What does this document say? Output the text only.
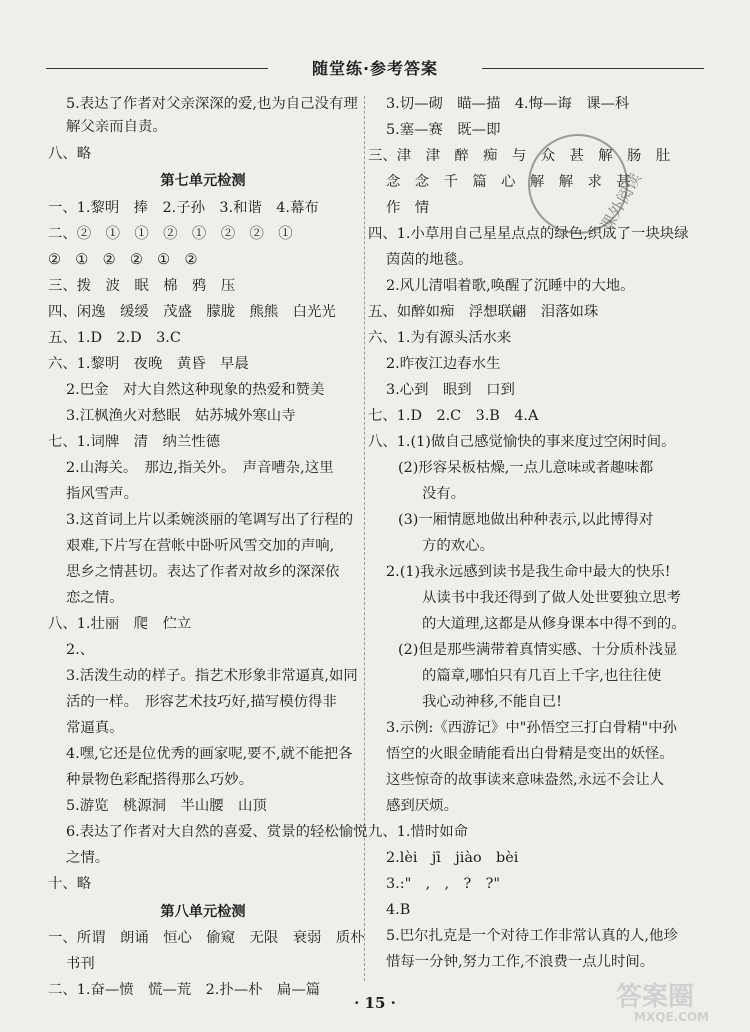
随堂练·参考答案
5.表达了作者对父亲深深的爱,也为自己没有理
解父亲而自责。
八、略
第七单元检测
一、1.黎明　捧　2.子孙　3.和谐　4.幕布
二、②　①　①　②　①　②　②　①
②　①　②　②　①　②
三、拨　波　眠　棉　鸦　压
四、闲逸　缓缓　茂盛　朦胧　熊熊　白光光
五、1.D　2.D　3.C
六、1.黎明　夜晚　黄昏　早晨
2.巴金　对大自然这种现象的热爱和赞美
3.江枫渔火对愁眠　姑苏城外寒山寺
七、1.词牌　清　纳兰性德
2.山海关。　那边,指关外。　声音嘈杂,这里
指风雪声。
3.这首词上片以柔婉淡丽的笔调写出了行程的
艰难,下片写在营帐中卧听风雪交加的声响,
思乡之情甚切。表达了作者对故乡的深深依
恋之情。
八、1.壮丽　爬　伫立
2.、
3.活泼生动的样子。指艺术形象非常逼真,如同
活的一样。　形容艺术技巧好,描写模仿得非
常逼真。
4.嘿,它还是位优秀的画家呢,要不,就不能把各
种景物色彩配搭得那么巧妙。
5.游览　桃源洞　半山腰　山顶
6.表达了作者对大自然的喜爱、赏景的轻松愉悦
之情。
十、略
第八单元检测
一、所谓　朗诵　恒心　偷窥　无限　衰弱　质朴
书刊
二、1.奋—愤　慌—荒　2.扑—朴　扁—篇
3.切—砌　瞄—描　4.悔—诲　课—科
5.塞—赛　既—即
三、津　津　醉　痴　与　众　甚　解　肠　肚
念　念　千　篇　心　解　解　求　甚
作　情
四、1.小草用自己星星点点的绿色,织成了一块块绿
茵茵的地毯。
2.风儿清唱着歌,唤醒了沉睡中的大地。
五、如醉如痴　浮想联翩　泪落如珠
六、1.为有源头活水来
2.昨夜江边春水生
3.心到　眼到　口到
七、1.D　2.C　3.B　4.A
八、1.(1)做自己感觉愉快的事来度过空闲时间。
(2)形容呆板枯燥,一点儿意味或者趣味都
没有。
(3)一厢情愿地做出种种表示,以此博得对
方的欢心。
2.(1)我永远感到读书是我生命中最大的快乐!
从读书中我还得到了做人处世要独立思考
的大道理,这都是从修身课本中得不到的。
(2)但是那些满带着真情实感、十分质朴浅显
的篇章,哪怕只有几百上千字,也往往使
我心动神移,不能自已!
3.示例:《西游记》中"孙悟空三打白骨精"中孙
悟空的火眼金睛能看出白骨精是变出的妖怪。
这些惊奇的故事读来意味盎然,永远不会让人
感到厌烦。
九、1.惜时如命
2.lèi　jī　jiào　bèi
3.:"　,　,　?　?"
4.B
5.巴尔扎克是一个对待工作非常认真的人,他珍
惜每一分钟,努力工作,不浪费一点儿时间。
课外阅读
· 15 ·	答案圈
MXQE.COM
